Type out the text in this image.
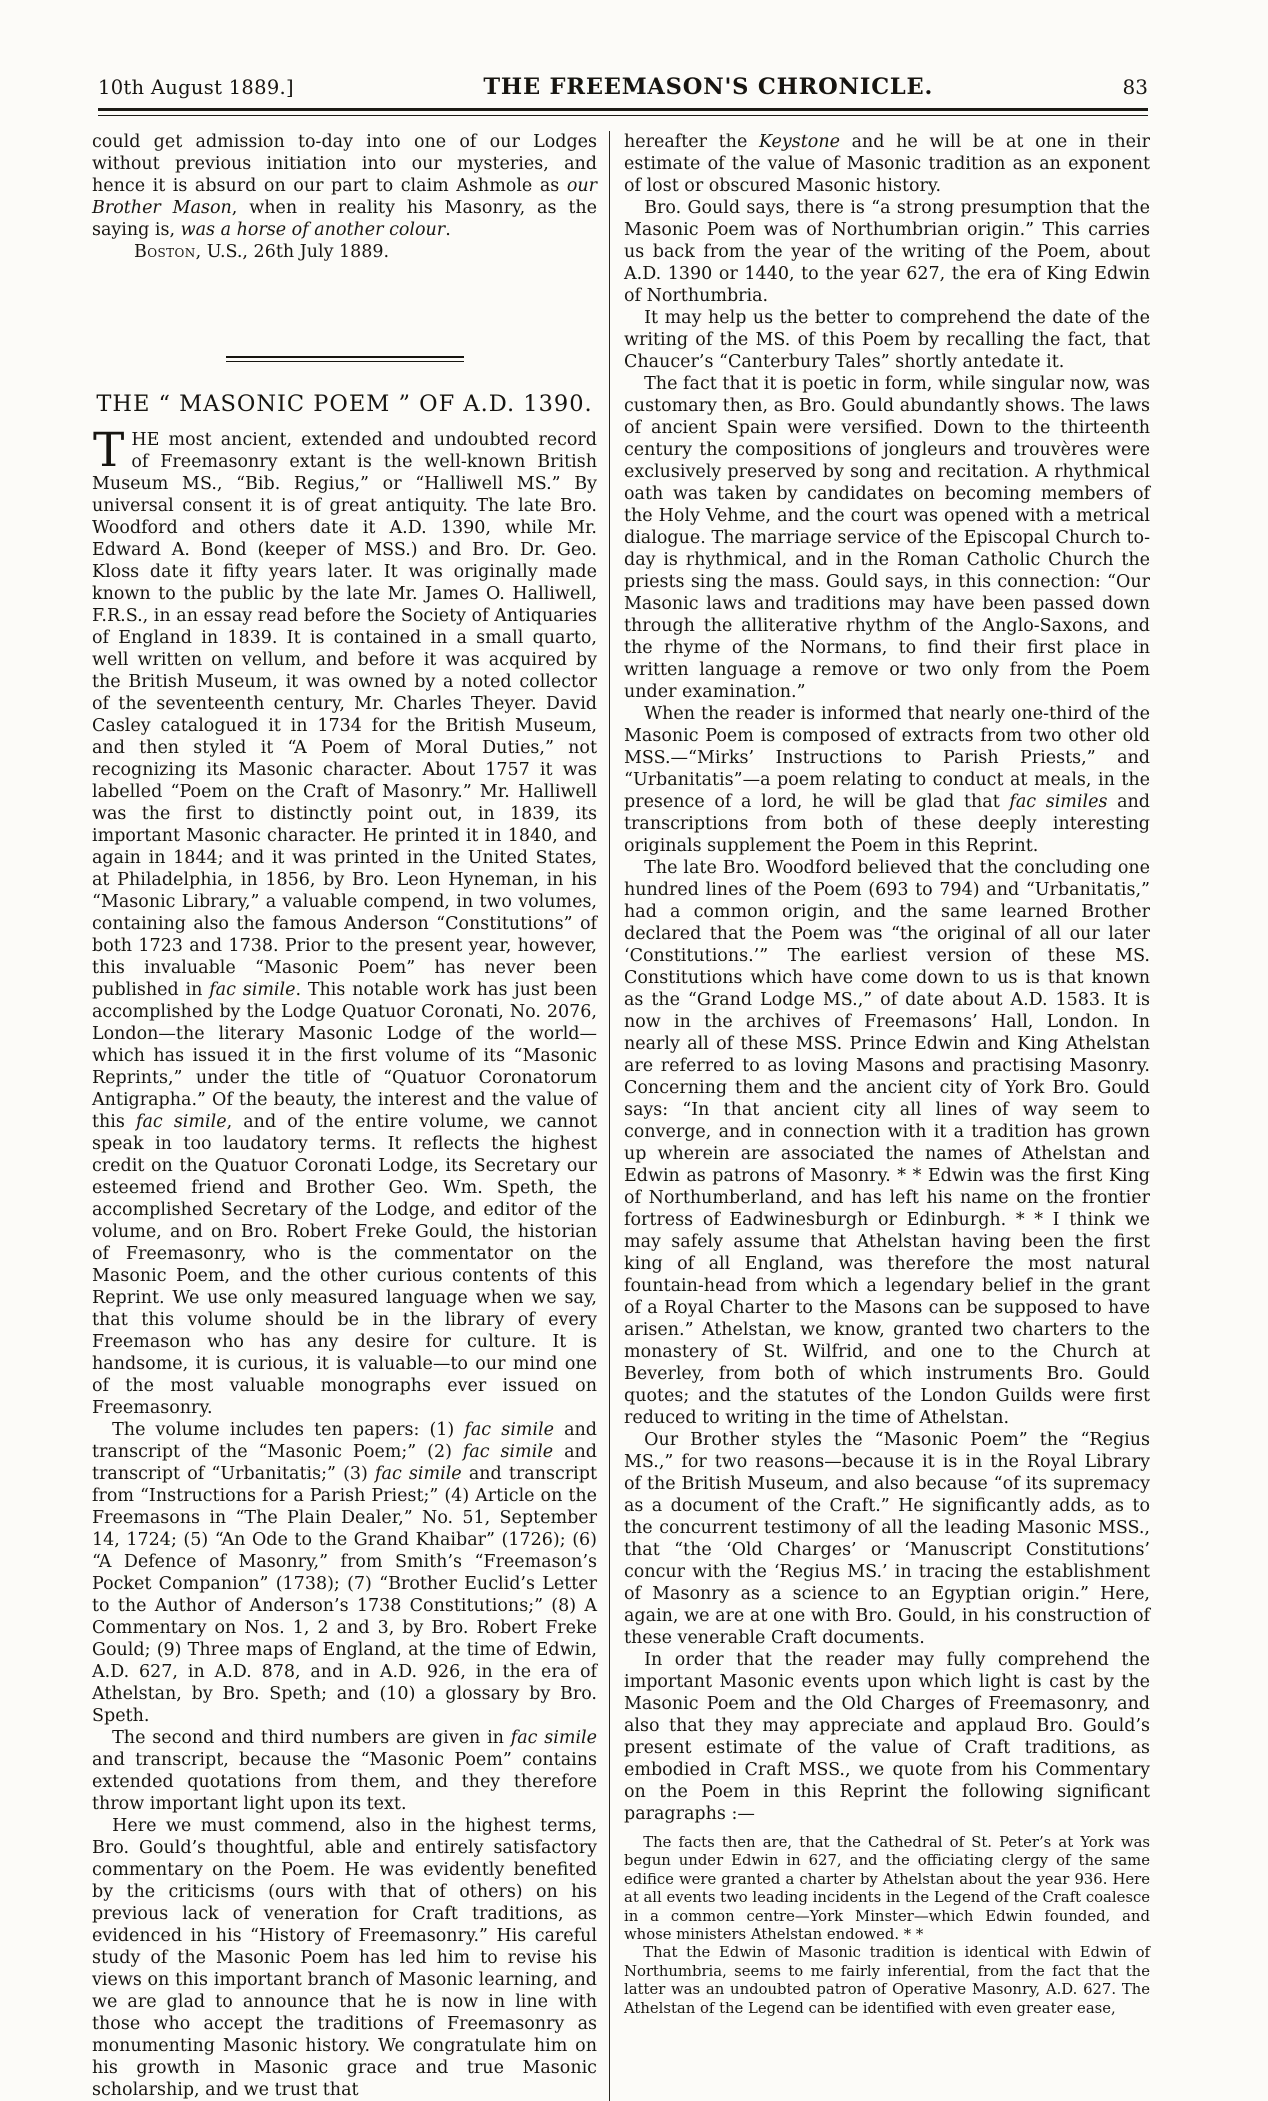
10th August 1889.]	THE FREEMASON'S CHRONICLE.	83

could get admission to-day into one of our Lodges without previous initiation into our mysteries, and hence it is absurd on our part to claim Ashmole as our Brother Mason, when in reality his Masonry, as the saying is, was a horse of another colour.

Boston, U.S., 26th July 1889.

THE “ MASONIC POEM ” OF A.D. 1390.

THE most ancient, extended and undoubted record of Freemasonry extant is the well-known British Museum MS., “Bib. Regius,” or “Halliwell MS.” By universal consent it is of great antiquity. The late Bro. Woodford and others date it A.D. 1390, while Mr. Edward A. Bond (keeper of MSS.) and Bro. Dr. Geo. Kloss date it fifty years later. It was originally made known to the public by the late Mr. James O. Halliwell, F.R.S., in an essay read before the Society of Antiquaries of England in 1839. It is contained in a small quarto, well written on vellum, and before it was acquired by the British Museum, it was owned by a noted collector of the seventeenth century, Mr. Charles Theyer. David Casley catalogued it in 1734 for the British Museum, and then styled it “A Poem of Moral Duties,” not recognizing its Masonic character. About 1757 it was labelled “Poem on the Craft of Masonry.” Mr. Halliwell was the first to distinctly point out, in 1839, its important Masonic character. He printed it in 1840, and again in 1844; and it was printed in the United States, at Philadelphia, in 1856, by Bro. Leon Hyneman, in his “Masonic Library,” a valuable compend, in two volumes, containing also the famous Anderson “Constitutions” of both 1723 and 1738. Prior to the present year, however, this invaluable “Masonic Poem” has never been published in fac simile. This notable work has just been accomplished by the Lodge Quatuor Coronati, No. 2076, London—the literary Masonic Lodge of the world—which has issued it in the first volume of its “Masonic Reprints,” under the title of “Quatuor Coronatorum Antigrapha.” Of the beauty, the interest and the value of this fac simile, and of the entire volume, we cannot speak in too laudatory terms. It reflects the highest credit on the Quatuor Coronati Lodge, its Secretary our esteemed friend and Brother Geo. Wm. Speth, the accomplished Secretary of the Lodge, and editor of the volume, and on Bro. Robert Freke Gould, the historian of Freemasonry, who is the commentator on the Masonic Poem, and the other curious contents of this Reprint. We use only measured language when we say, that this volume should be in the library of every Freemason who has any desire for culture. It is handsome, it is curious, it is valuable—to our mind one of the most valuable monographs ever issued on Freemasonry.

The volume includes ten papers: (1) fac simile and transcript of the “Masonic Poem;” (2) fac simile and transcript of “Urbanitatis;” (3) fac simile and transcript from “Instructions for a Parish Priest;” (4) Article on the Freemasons in “The Plain Dealer,” No. 51, September 14, 1724; (5) “An Ode to the Grand Khaibar” (1726); (6) “A Defence of Masonry,” from Smith’s “Freemason’s Pocket Companion” (1738); (7) “Brother Euclid’s Letter to the Author of Anderson’s 1738 Constitutions;” (8) A Commentary on Nos. 1, 2 and 3, by Bro. Robert Freke Gould; (9) Three maps of England, at the time of Edwin, A.D. 627, in A.D. 878, and in A.D. 926, in the era of Athelstan, by Bro. Speth; and (10) a glossary by Bro. Speth.

The second and third numbers are given in fac simile and transcript, because the “Masonic Poem” contains extended quotations from them, and they therefore throw important light upon its text.

Here we must commend, also in the highest terms, Bro. Gould’s thoughtful, able and entirely satisfactory commentary on the Poem. He was evidently benefited by the criticisms (ours with that of others) on his previous lack of veneration for Craft traditions, as evidenced in his “History of Freemasonry.” His careful study of the Masonic Poem has led him to revise his views on this important branch of Masonic learning, and we are glad to announce that he is now in line with those who accept the traditions of Freemasonry as monumenting Masonic history. We congratulate him on his growth in Masonic grace and true Masonic scholarship, and we trust that

hereafter the Keystone and he will be at one in their estimate of the value of Masonic tradition as an exponent of lost or obscured Masonic history.

Bro. Gould says, there is “a strong presumption that the Masonic Poem was of Northumbrian origin.” This carries us back from the year of the writing of the Poem, about A.D. 1390 or 1440, to the year 627, the era of King Edwin of Northumbria.

It may help us the better to comprehend the date of the writing of the MS. of this Poem by recalling the fact, that Chaucer’s “Canterbury Tales” shortly antedate it.

The fact that it is poetic in form, while singular now, was customary then, as Bro. Gould abundantly shows. The laws of ancient Spain were versified. Down to the thirteenth century the compositions of jongleurs and trouvères were exclusively preserved by song and recitation. A rhythmical oath was taken by candidates on becoming members of the Holy Vehme, and the court was opened with a metrical dialogue. The marriage service of the Episcopal Church to-day is rhythmical, and in the Roman Catholic Church the priests sing the mass. Gould says, in this connection: “Our Masonic laws and traditions may have been passed down through the alliterative rhythm of the Anglo-Saxons, and the rhyme of the Normans, to find their first place in written language a remove or two only from the Poem under examination.”

When the reader is informed that nearly one-third of the Masonic Poem is composed of extracts from two other old MSS.—“Mirks’ Instructions to Parish Priests,” and “Urbanitatis”—a poem relating to conduct at meals, in the presence of a lord, he will be glad that fac similes and transcriptions from both of these deeply interesting originals supplement the Poem in this Reprint.

The late Bro. Woodford believed that the concluding one hundred lines of the Poem (693 to 794) and “Urbanitatis,” had a common origin, and the same learned Brother declared that the Poem was “the original of all our later ‘Constitutions.’” The earliest version of these MS. Constitutions which have come down to us is that known as the “Grand Lodge MS.,” of date about A.D. 1583. It is now in the archives of Freemasons’ Hall, London. In nearly all of these MSS. Prince Edwin and King Athelstan are referred to as loving Masons and practising Masonry. Concerning them and the ancient city of York Bro. Gould says: “In that ancient city all lines of way seem to converge, and in connection with it a tradition has grown up wherein are associated the names of Athelstan and Edwin as patrons of Masonry. * * Edwin was the first King of Northumberland, and has left his name on the frontier fortress of Eadwinesburgh or Edinburgh. * * I think we may safely assume that Athelstan having been the first king of all England, was therefore the most natural fountain-head from which a legendary belief in the grant of a Royal Charter to the Masons can be supposed to have arisen.” Athelstan, we know, granted two charters to the monastery of St. Wilfrid, and one to the Church at Beverley, from both of which instruments Bro. Gould quotes; and the statutes of the London Guilds were first reduced to writing in the time of Athelstan.

Our Brother styles the “Masonic Poem” the “Regius MS.,” for two reasons—because it is in the Royal Library of the British Museum, and also because “of its supremacy as a document of the Craft.” He significantly adds, as to the concurrent testimony of all the leading Masonic MSS., that “the ‘Old Charges’ or ‘Manuscript Constitutions’ concur with the ‘Regius MS.’ in tracing the establishment of Masonry as a science to an Egyptian origin.” Here, again, we are at one with Bro. Gould, in his construction of these venerable Craft documents.

In order that the reader may fully comprehend the important Masonic events upon which light is cast by the Masonic Poem and the Old Charges of Freemasonry, and also that they may appreciate and applaud Bro. Gould’s present estimate of the value of Craft traditions, as embodied in Craft MSS., we quote from his Commentary on the Poem in this Reprint the following significant paragraphs :—

The facts then are, that the Cathedral of St. Peter’s at York was begun under Edwin in 627, and the officiating clergy of the same edifice were granted a charter by Athelstan about the year 936. Here at all events two leading incidents in the Legend of the Craft coalesce in a common centre—York Minster—which Edwin founded, and whose ministers Athelstan endowed. * *

That the Edwin of Masonic tradition is identical with Edwin of Northumbria, seems to me fairly inferential, from the fact that the latter was an undoubted patron of Operative Masonry, A.D. 627. The Athelstan of the Legend can be identified with even greater ease,
